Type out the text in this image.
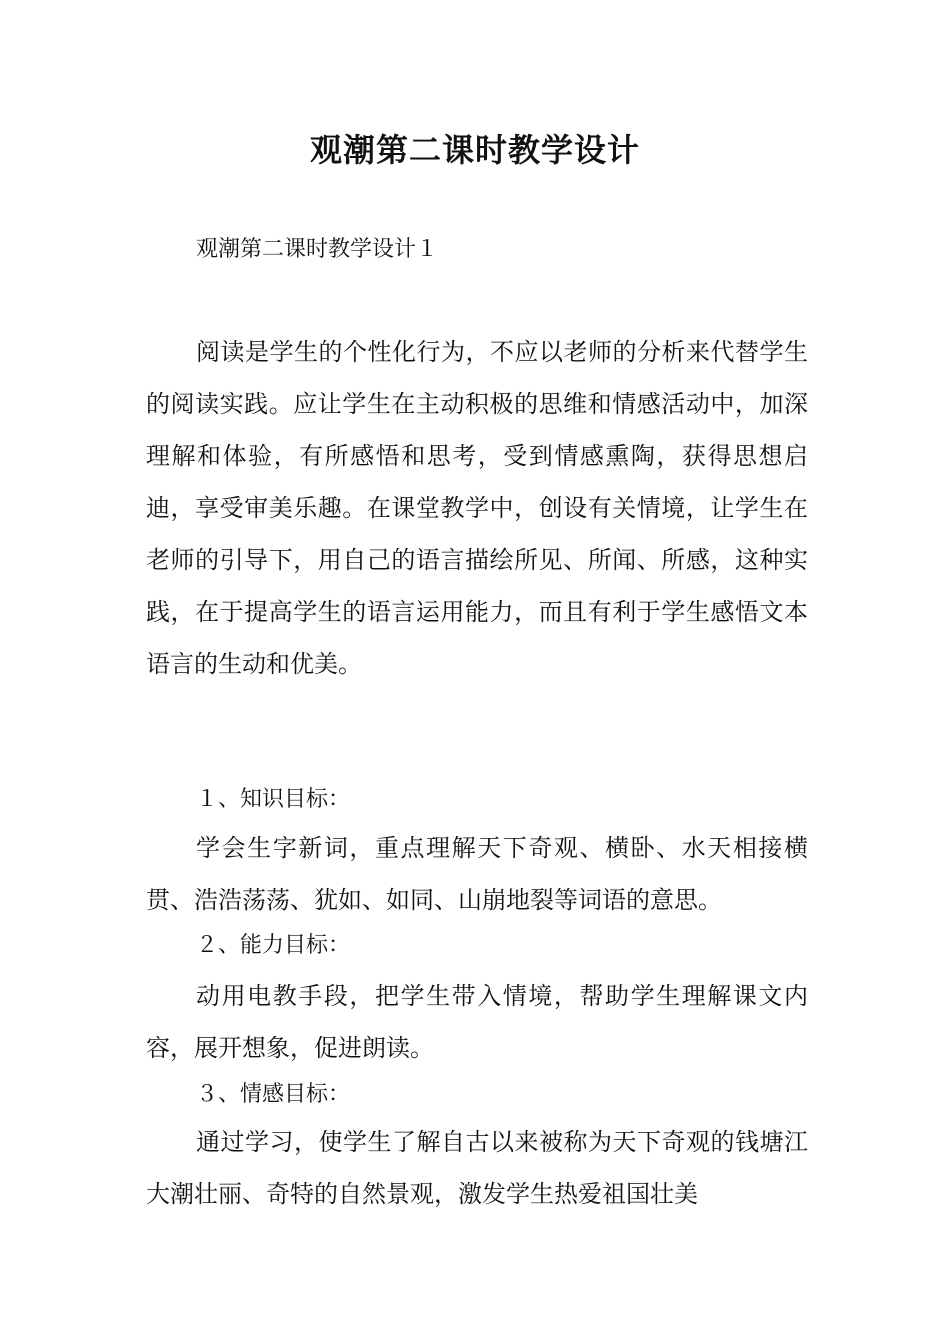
观潮第二课时教学设计

观潮第二课时教学设计１

阅读是学生的个性化行为，不应以老师的分析来代替学生的阅读实践。应让学生在主动积极的思维和情感活动中，加深理解和体验，有所感悟和思考，受到情感熏陶，获得思想启迪，享受审美乐趣。在课堂教学中，创设有关情境，让学生在老师的引导下，用自己的语言描绘所见、所闻、所感，这种实践，在于提高学生的语言运用能力，而且有利于学生感悟文本语言的生动和优美。

１、知识目标：

学会生字新词，重点理解天下奇观、横卧、水天相接横贯、浩浩荡荡、犹如、如同、山崩地裂等词语的意思。

２、能力目标：

动用电教手段，把学生带入情境，帮助学生理解课文内容，展开想象，促进朗读。

３、情感目标：

通过学习，使学生了解自古以来被称为天下奇观的钱塘江大潮壮丽、奇特的自然景观，激发学生热爱祖国壮美
